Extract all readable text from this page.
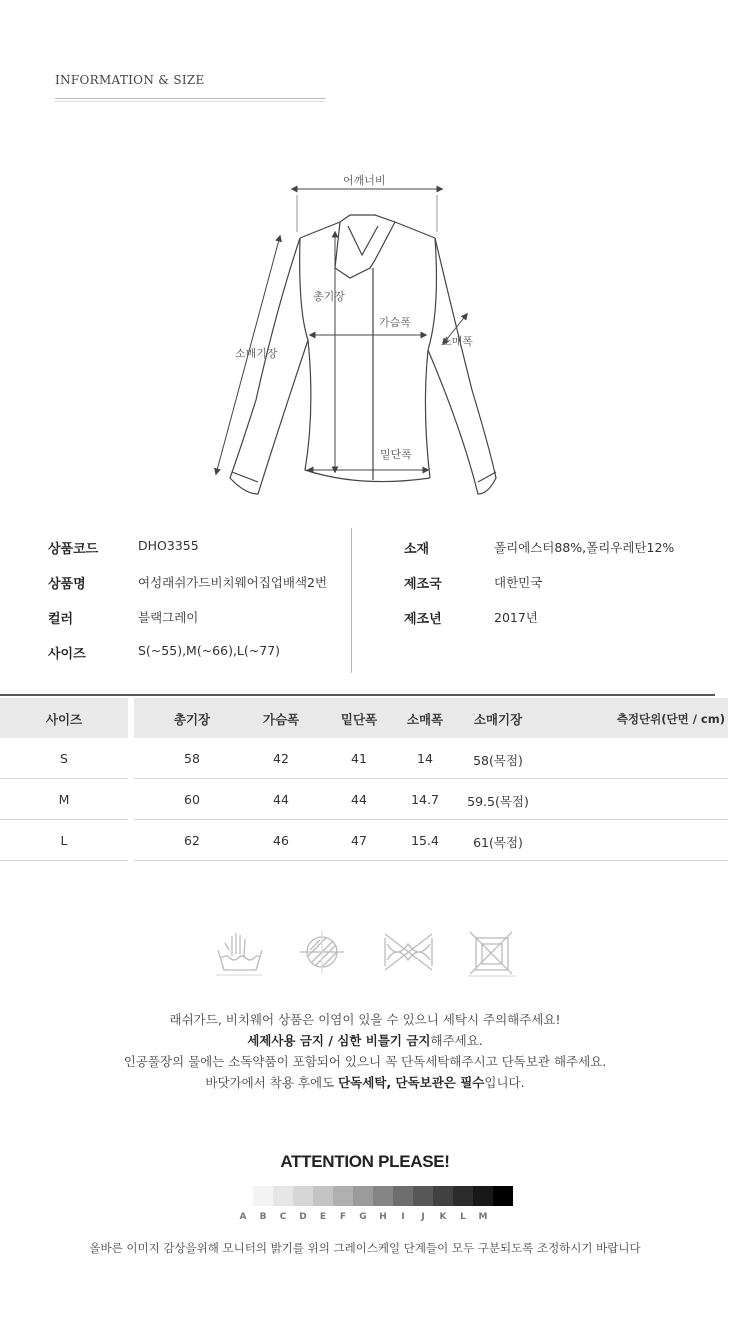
INFORMATION & SIZE
어깨너비
총기장
가슴폭
소매폭
소매기장
밑단폭
상품코드	DHO3355
상품명	여성래쉬가드비치웨어집업배색2번
컬러	블랙그레이
사이즈	S(~55),M(~66),L(~77)
소재	폴리에스터88%,폴리우레탄12%
제조국	대한민국
제조년	2017년
사이즈	총기장	가슴폭	밑단폭	소매폭	소매기장	측정단위(단면 / cm)
S	58	42	41	14	58(목점)
M	60	44	44	14.7	59.5(목점)
L	62	46	47	15.4	61(목점)
래쉬가드, 비치웨어 상품은 이염이 있을 수 있으니 세탁시 주의해주세요!
세제사용 금지 / 심한 비틀기 금지해주세요.
인공풀장의 물에는 소독약품이 포함되어 있으니 꼭 단독세탁해주시고 단독보관 해주세요.
바닷가에서 착용 후에도 단독세탁, 단독보관은 필수입니다.
ATTENTION PLEASE!
A	B	C	D	E	F	G	H	I	J	K	L	M
올바른 이미지 감상을위해 모니터의 밝기를 위의 그레이스케일 단계들이 모두 구분되도록 조정하시기 바랍니다
